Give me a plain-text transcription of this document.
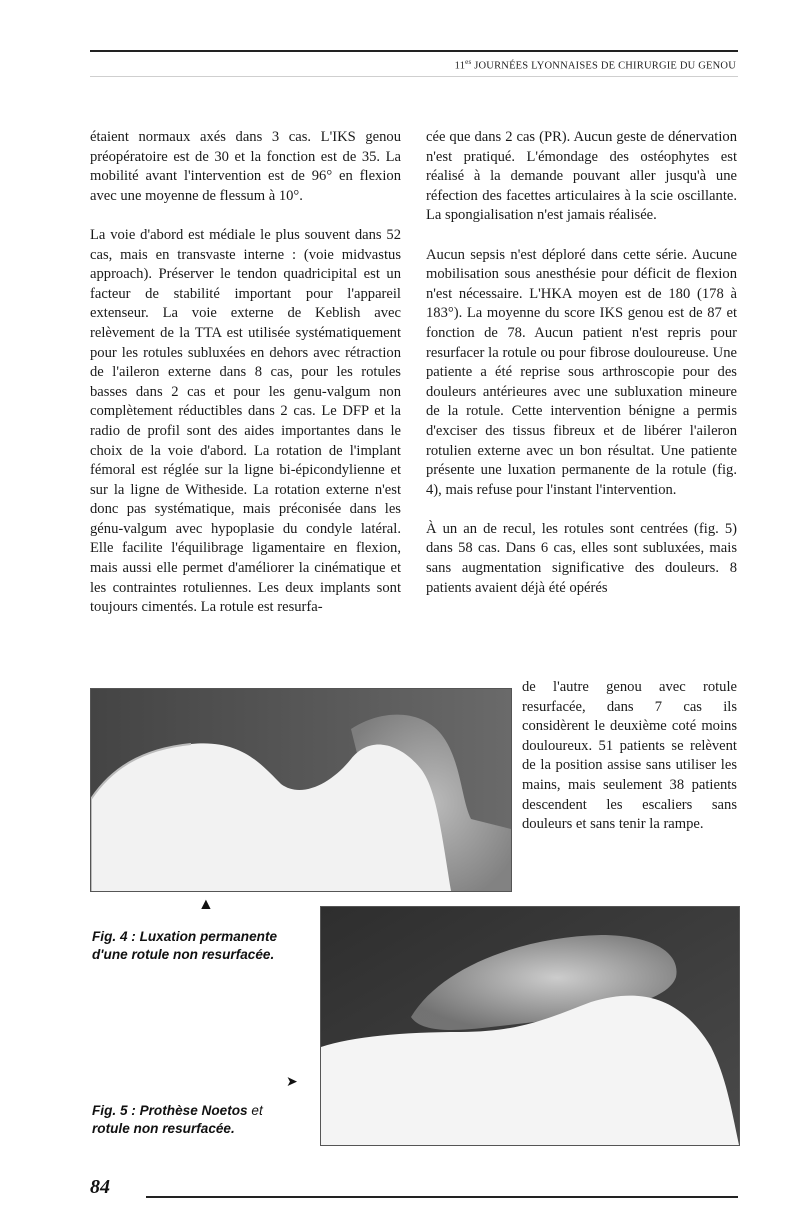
$11^{es}$ JOURNÉES LYONNAISES DE CHIRURGIE DU GENOU

étaient normaux axés dans 3 cas. L'IKS genou préopératoire est de 30 et la fonction est de 35. La mobilité avant l'intervention est de 96° en flexion avec une moyenne de flessum à 10°.

La voie d'abord est médiale le plus souvent dans 52 cas, mais en transvaste interne : (voie midvastus approach). Préserver le tendon quadricipital est un facteur de stabilité important pour l'appareil extenseur. La voie externe de Keblish avec relèvement de la TTA est utilisée systématiquement pour les rotules subluxées en dehors avec rétraction de l'aileron externe dans 8 cas, pour les rotules basses dans 2 cas et pour les genu-valgum non complètement réductibles dans 2 cas. Le DFP et la radio de profil sont des aides importantes dans le choix de la voie d'abord. La rotation de l'implant fémoral est réglée sur la ligne bi-épicondylienne et sur la ligne de Witheside. La rotation externe n'est donc pas systématique, mais préconisée dans les génu-valgum avec hypoplasie du condyle latéral. Elle facilite l'équilibrage ligamentaire en flexion, mais aussi elle permet d'améliorer la cinématique et les contraintes rotuliennes. Les deux implants sont toujours cimentés. La rotule est resurfa-

cée que dans 2 cas (PR). Aucun geste de dénervation n'est pratiqué. L'émondage des ostéophytes est réalisé à la demande pouvant aller jusqu'à une réfection des facettes articulaires à la scie oscillante. La spongialisation n'est jamais réalisée.

Aucun sepsis n'est déploré dans cette série. Aucune mobilisation sous anesthésie pour déficit de flexion n'est nécessaire. L'HKA moyen est de 180 (178 à 183°). La moyenne du score IKS genou est de 87 et fonction de 78. Aucun patient n'est repris pour resurfacer la rotule ou pour fibrose douloureuse. Une patiente a été reprise sous arthroscopie pour des douleurs antérieures avec une subluxation mineure de la rotule. Cette intervention bénigne a permis d'exciser des tissus fibreux et de libérer l'aileron rotulien externe avec un bon résultat. Une patiente présente une luxation permanente de la rotule (fig. 4), mais refuse pour l'instant l'intervention.

À un an de recul, les rotules sont centrées (fig. 5) dans 58 cas. Dans 6 cas, elles sont subluxées, mais sans augmentation significative des douleurs. 8 patients avaient déjà été opérés

de l'autre genou avec rotule resurfacée, dans 7 cas ils considèrent le deuxième coté moins douloureux. 51 patients se relèvent de la position assise sans utiliser les mains, mais seulement 38 patients descendent les escaliers sans douleurs et sans tenir la rampe.
▲
Fig. 4 : Luxation permanente d'une rotule non resurfacée.
➤
Fig. 5 : Prothèse Noetos et
rotule non resurfacée.
84
